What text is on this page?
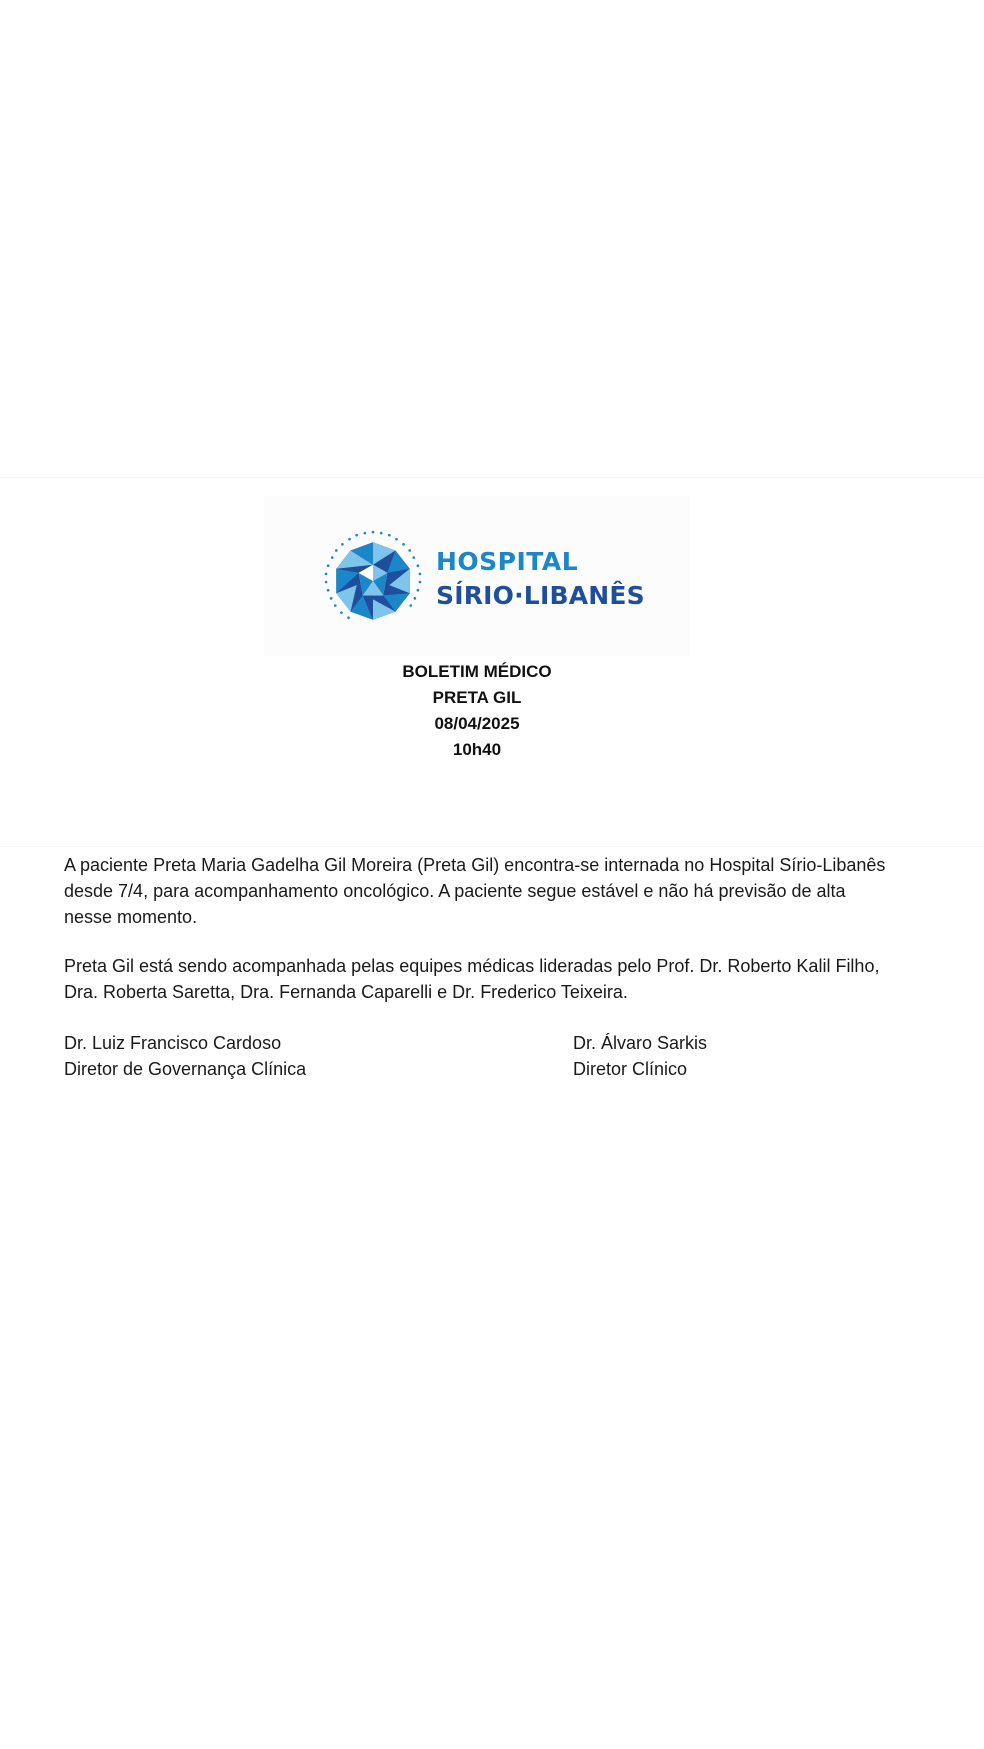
HOSPITAL
SÍRIO·LIBANÊS
BOLETIM MÉDICO
PRETA GIL
08/04/2025
10h40
A paciente Preta Maria Gadelha Gil Moreira (Preta Gil) encontra-se internada no Hospital Sírio-Libanês desde 7/4, para acompanhamento oncológico. A paciente segue estável e não há previsão de alta nesse momento.
Preta Gil está sendo acompanhada pelas equipes médicas lideradas pelo Prof. Dr. Roberto Kalil Filho, Dra. Roberta Saretta, Dra. Fernanda Caparelli e Dr. Frederico Teixeira.
Dr. Luiz Francisco Cardoso
Diretor de Governança Clínica
Dr. Álvaro Sarkis
Diretor Clínico
